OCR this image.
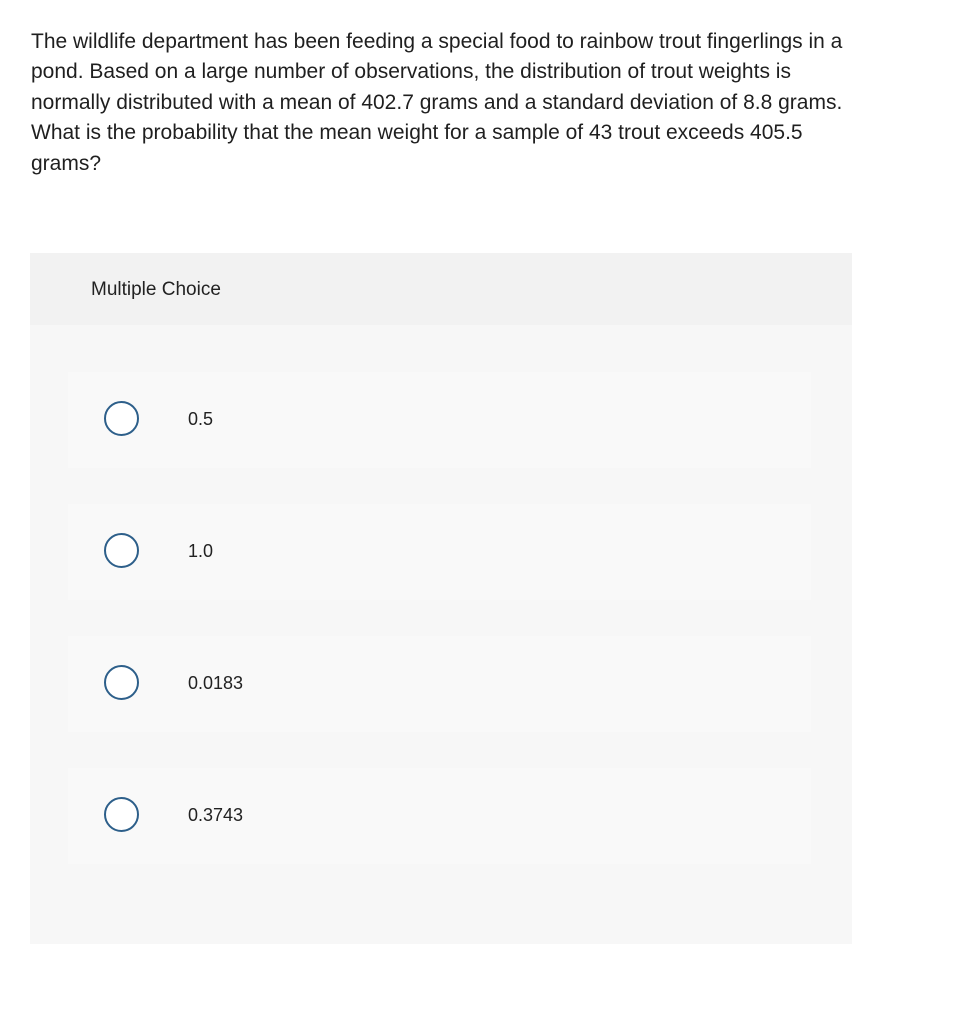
The wildlife department has been feeding a special food to rainbow trout fingerlings in a pond. Based on a large number of observations, the distribution of trout weights is normally distributed with a mean of 402.7 grams and a standard deviation of 8.8 grams. What is the probability that the mean weight for a sample of 43 trout exceeds 405.5 grams?

Multiple Choice
0.5
1.0
0.0183
0.3743
